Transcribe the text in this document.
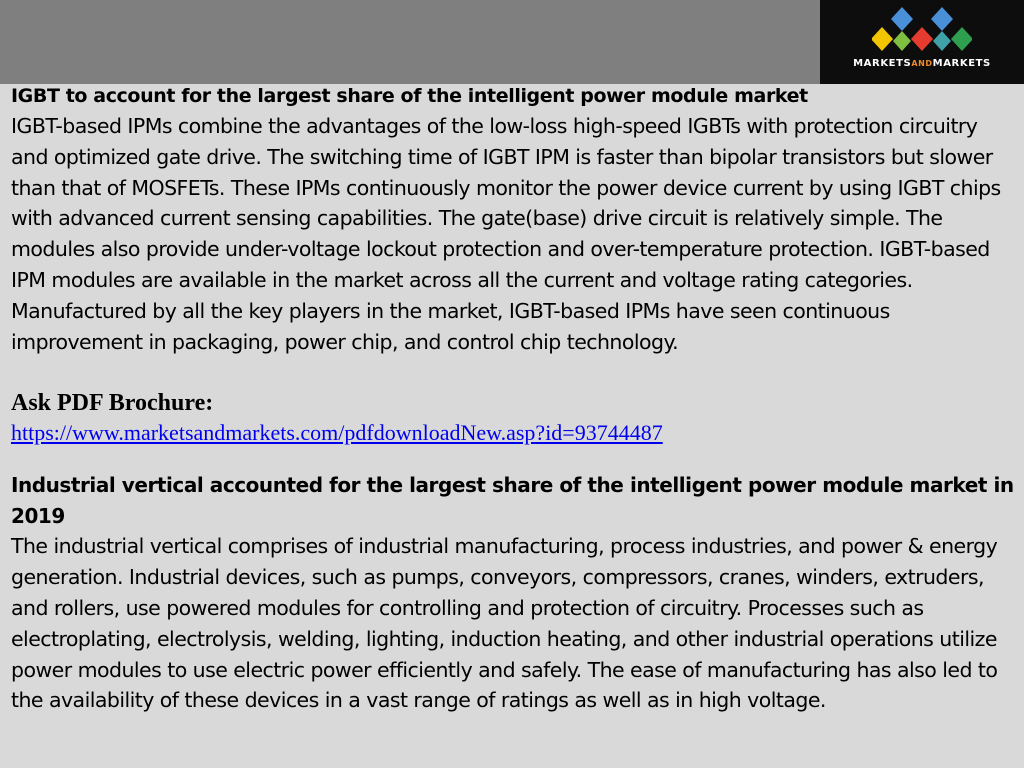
MARKETSANDMARKETS

IGBT to account for the largest share of the intelligent power module market

IGBT-based IPMs combine the advantages of the low-loss high-speed IGBTs with protection circuitry and optimized gate drive. The switching time of IGBT IPM is faster than bipolar transistors but slower than that of MOSFETs. These IPMs continuously monitor the power device current by using IGBT chips with advanced current sensing capabilities. The gate(base) drive circuit is relatively simple. The modules also provide under-voltage lockout protection and over-temperature protection. IGBT-based IPM modules are available in the market across all the current and voltage rating categories. Manufactured by all the key players in the market, IGBT-based IPMs have seen continuous improvement in packaging, power chip, and control chip technology.

Ask PDF Brochure:

https://www.marketsandmarkets.com/pdfdownloadNew.asp?id=93744487

Industrial vertical accounted for the largest share of the intelligent power module market in 2019

The industrial vertical comprises of industrial manufacturing, process industries, and power & energy generation. Industrial devices, such as pumps, conveyors, compressors, cranes, winders, extruders, and rollers, use powered modules for controlling and protection of circuitry. Processes such as electroplating, electrolysis, welding, lighting, induction heating, and other industrial operations utilize power modules to use electric power efficiently and safely. The ease of manufacturing has also led to the availability of these devices in a vast range of ratings as well as in high voltage.
